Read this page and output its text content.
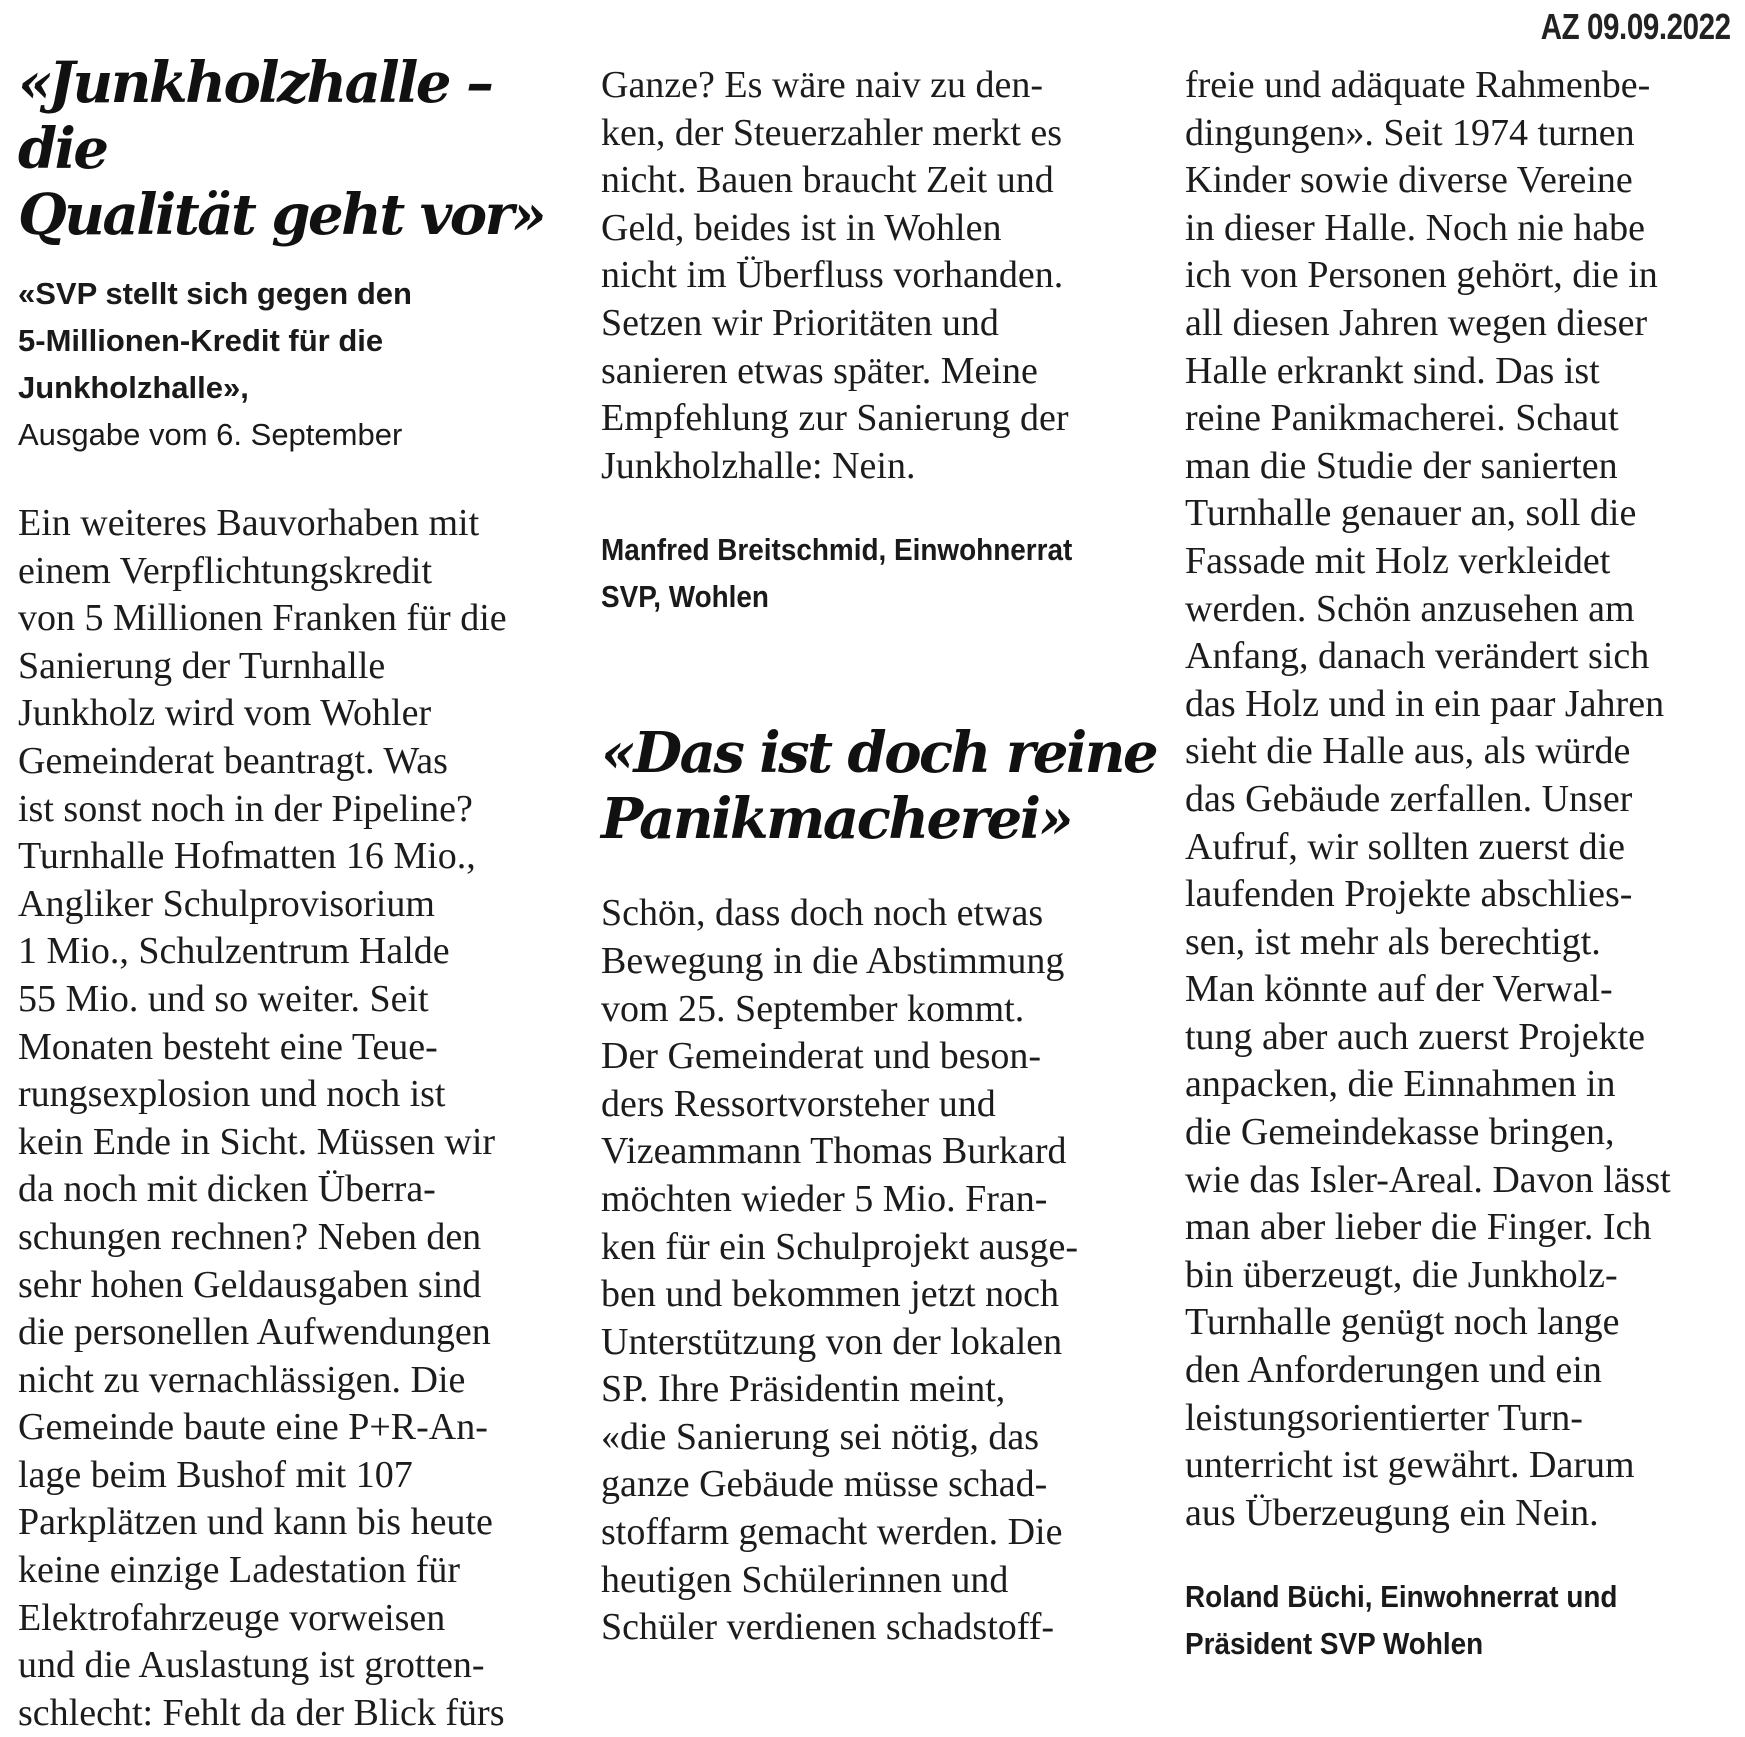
AZ 09.09.2022
«Junkholzhalle – die
Qualität geht vor»
«SVP stellt sich gegen den
5-Millionen-Kredit für die
Junkholzhalle»,
Ausgabe vom 6. September
Ein weiteres Bauvorhaben mit
einem Verpflichtungskredit
von 5 Millionen Franken für die
Sanierung der Turnhalle
Junkholz wird vom Wohler
Gemeinderat beantragt. Was
ist sonst noch in der Pipeline?
Turnhalle Hofmatten 16 Mio.,
Angliker Schulprovisorium
1 Mio., Schulzentrum Halde
55 Mio. und so weiter. Seit
Monaten besteht eine Teue-
rungsexplosion und noch ist
kein Ende in Sicht. Müssen wir
da noch mit dicken Überra-
schungen rechnen? Neben den
sehr hohen Geldausgaben sind
die personellen Aufwendungen
nicht zu vernachlässigen. Die
Gemeinde baute eine P+R-An-
lage beim Bushof mit 107
Parkplätzen und kann bis heute
keine einzige Ladestation für
Elektrofahrzeuge vorweisen
und die Auslastung ist grotten-
schlecht: Fehlt da der Blick fürs
Ganze? Es wäre naiv zu den-
ken, der Steuerzahler merkt es
nicht. Bauen braucht Zeit und
Geld, beides ist in Wohlen
nicht im Überfluss vorhanden.
Setzen wir Prioritäten und
sanieren etwas später. Meine
Empfehlung zur Sanierung der
Junkholzhalle: Nein.
Manfred Breitschmid, Einwohnerrat
SVP, Wohlen
«Das ist doch reine
Panikmacherei»
Schön, dass doch noch etwas
Bewegung in die Abstimmung
vom 25. September kommt.
Der Gemeinderat und beson-
ders Ressortvorsteher und
Vizeammann Thomas Burkard
möchten wieder 5 Mio. Fran-
ken für ein Schulprojekt ausge-
ben und bekommen jetzt noch
Unterstützung von der lokalen
SP. Ihre Präsidentin meint,
«die Sanierung sei nötig, das
ganze Gebäude müsse schad-
stoffarm gemacht werden. Die
heutigen Schülerinnen und
Schüler verdienen schadstoff-
freie und adäquate Rahmenbe-
dingungen». Seit 1974 turnen
Kinder sowie diverse Vereine
in dieser Halle. Noch nie habe
ich von Personen gehört, die in
all diesen Jahren wegen dieser
Halle erkrankt sind. Das ist
reine Panikmacherei. Schaut
man die Studie der sanierten
Turnhalle genauer an, soll die
Fassade mit Holz verkleidet
werden. Schön anzusehen am
Anfang, danach verändert sich
das Holz und in ein paar Jahren
sieht die Halle aus, als würde
das Gebäude zerfallen. Unser
Aufruf, wir sollten zuerst die
laufenden Projekte abschlies-
sen, ist mehr als berechtigt.
Man könnte auf der Verwal-
tung aber auch zuerst Projekte
anpacken, die Einnahmen in
die Gemeindekasse bringen,
wie das Isler-Areal. Davon lässt
man aber lieber die Finger. Ich
bin überzeugt, die Junkholz-
Turnhalle genügt noch lange
den Anforderungen und ein
leistungsorientierter Turn-
unterricht ist gewährt. Darum
aus Überzeugung ein Nein.
Roland Büchi, Einwohnerrat und
Präsident SVP Wohlen
